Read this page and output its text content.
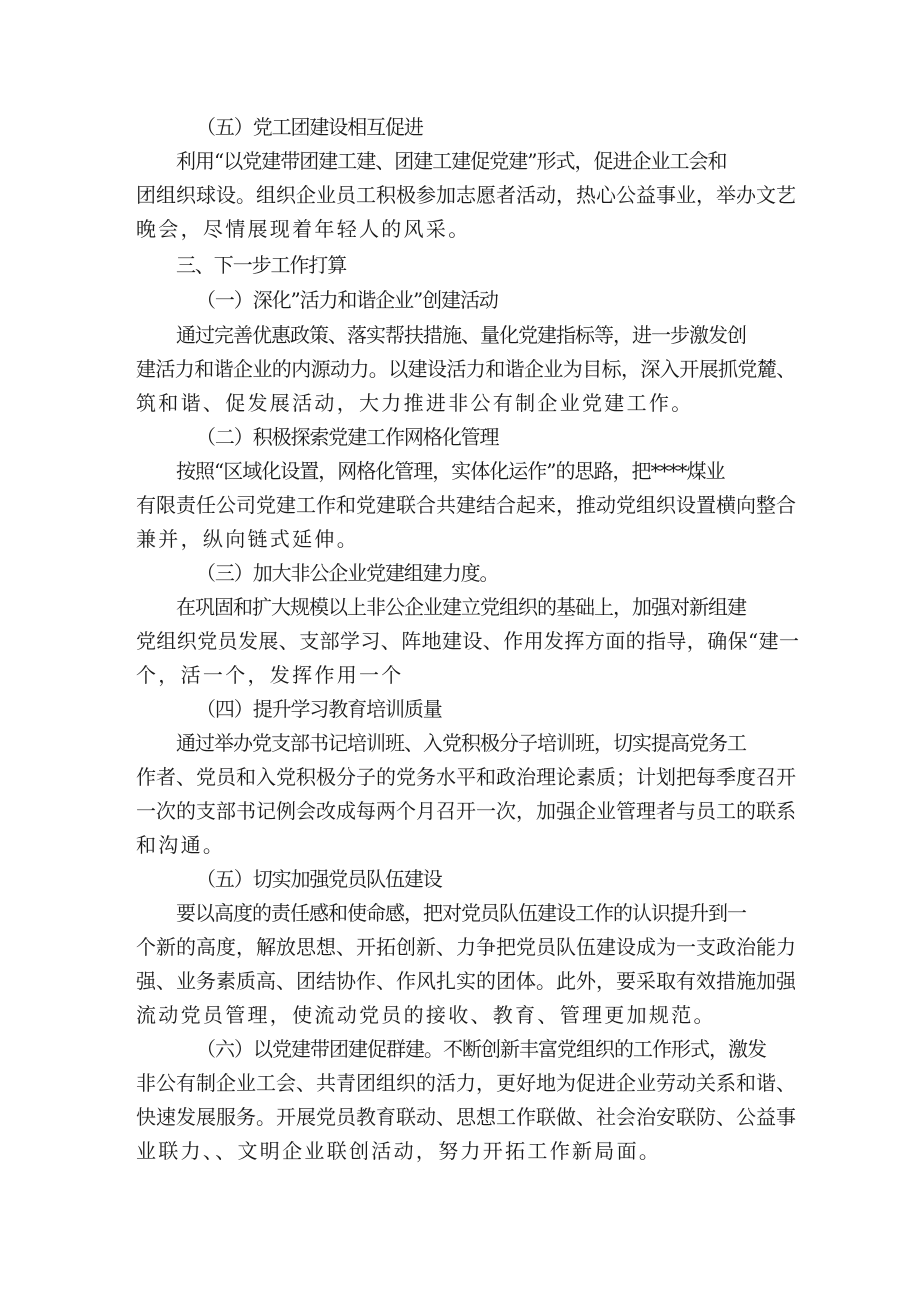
（五）党工团建设相互促进

利用“以党建带团建工建、团建工建促党建”形式，促进企业工会和

团组织球设。组织企业员工积极参加志愿者活动，热心公益事业，举办文艺

晚会，尽情展现着年轻人的风采。

三、下一步工作打算

（一）深化”活力和谐企业”创建活动

通过完善优惠政策、落实帮扶措施、量化党建指标等，进一步激发创

建活力和谐企业的内源动力。以建设活力和谐企业为目标，深入开展抓党麓、

筑和谐、促发展活动，大力推进非公有制企业党建工作。

（二）积极探索党建工作网格化管理

按照“区域化设置，网格化管理，实体化运作”的思路，把****煤业

有限责任公司党建工作和党建联合共建结合起来，推动党组织设置横向整合

兼并，纵向链式延伸。

（三）加大非公企业党建组建力度。

在巩固和扩大规模以上非公企业建立党组织的基础上，加强对新组建

党组织党员发展、支部学习、阵地建设、作用发挥方面的指导，确保“建一

个，活一个，发挥作用一个

（四）提升学习教育培训质量

通过举办党支部书记培训班、入党积极分子培训班，切实提高党务工

作者、党员和入党积极分子的党务水平和政治理论素质；计划把每季度召开

一次的支部书记例会改成每两个月召开一次，加强企业管理者与员工的联系

和沟通。

（五）切实加强党员队伍建设

要以高度的责任感和使命感，把对党员队伍建设工作的认识提升到一

个新的高度，解放思想、开拓创新、力争把党员队伍建设成为一支政治能力

强、业务素质高、团结协作、作风扎实的团体。此外，要采取有效措施加强

流动党员管理，使流动党员的接收、教育、管理更加规范。

（六）以党建带团建促群建。不断创新丰富党组织的工作形式，激发

非公有制企业工会、共青团组织的活力，更好地为促进企业劳动关系和谐、

快速发展服务。开展党员教育联动、思想工作联做、社会治安联防、公益事

业联力、、文明企业联创活动，努力开拓工作新局面。
